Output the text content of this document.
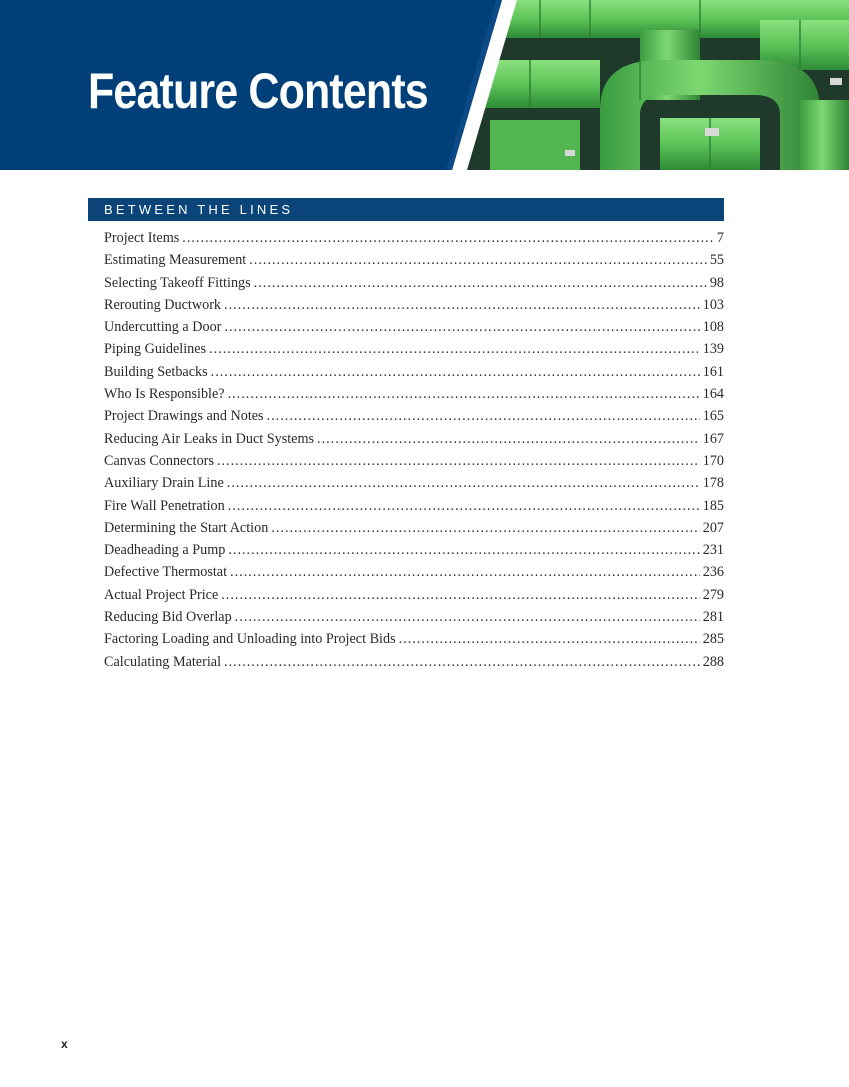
Feature Contents
BETWEEN THE LINES
Project Items .....	7
Estimating Measurement .....	55
Selecting Takeoff Fittings .....	98
Rerouting Ductwork .....	103
Undercutting a Door .....	108
Piping Guidelines .....	139
Building Setbacks .....	161
Who Is Responsible? .....	164
Project Drawings and Notes .....	165
Reducing Air Leaks in Duct Systems .....	167
Canvas Connectors .....	170
Auxiliary Drain Line .....	178
Fire Wall Penetration .....	185
Determining the Start Action .....	207
Deadheading a Pump .....	231
Defective Thermostat .....	236
Actual Project Price .....	279
Reducing Bid Overlap .....	281
Factoring Loading and Unloading into Project Bids .....	285
Calculating Material .....	288
x
